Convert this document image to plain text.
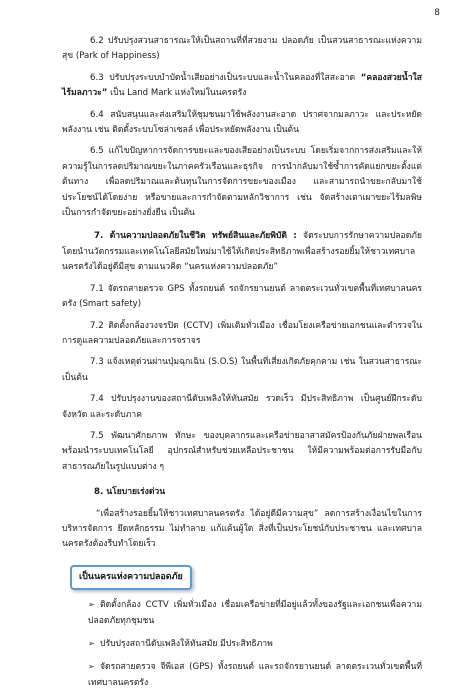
8

6.2 ปรับปรุงสวนสาธารณะให้เป็นสถานที่ที่สวยงาม ปลอดภัย เป็นสวนสาธารณะแห่งความสุข (Park of Happiness)

6.3 ปรับปรุงระบบบำบัดน้ำเสียอย่างเป็นระบบและน้ำในคลองที่ใสสะอาด “คลองสวยน้ำใส ไร้มลภาวะ” เป็น Land Mark แห่งใหม่ในนครตรัง

6.4 สนับสนุนและส่งเสริมให้ชุมชนมาใช้พลังงานสะอาด ปราศจากมลภาวะ และประหยัดพลังงาน เช่น ติดตั้งระบบโซล่าเซลล์ เพื่อประหยัดพลังงาน เป็นต้น

6.5 แก้ไขปัญหาการจัดการขยะและของเสียอย่างเป็นระบบ โดยเริ่มจากการส่งเสริมและให้ความรู้ในการลดปริมาณขยะในภาคครัวเรือนและธุรกิจ การนำกลับมาใช้ซ้ำการคัดแยกขยะตั้งแต่ต้นทาง เพื่อลดปริมาณและต้นทุนในการจัดการขยะของเมือง และสามารถนำขยะกลับมาใช้ประโยชน์ได้โดยง่าย หรือขายและการกำจัดตามหลักวิชาการ เช่น จัดสร้างเตาเผาขยะไร้มลพิษ เป็นการกำจัดขยะอย่างยั่งยืน เป็นต้น

7. ด้านความปลอดภัยในชีวิต ทรัพย์สินและภัยพิบัติ : จัดระบบการรักษาความปลอดภัยโดยนำนวัตกรรมและเทคโนโลยีสมัยใหม่มาใช้ให้เกิดประสิทธิภาพเพื่อสร้างรอยยิ้มให้ชาวเทศบาลนครตรังได้อยู่ดีมีสุข ตามแนวคิด “นครแห่งความปลอดภัย”

7.1 จัดรถสายตรวจ GPS ทั้งรถยนต์ รถจักรยานยนต์ ลาดตระเวนทั่วเขตพื้นที่เทศบาลนครตรัง (Smart safety)

7.2 ติดตั้งกล้องวงจรปิด (CCTV) เพิ่มเติมทั่วเมือง เชื่อมโยงเครือข่ายเอกชนและตำรวจในการดูแลความปลอดภัยและการจราจร

7.3 แจ้งเหตุด่วนผ่านปุ่มฉุกเฉิน (S.O.S) ในพื้นที่เสี่ยงเกิดภัยคุกคาม เช่น ในสวนสาธารณะ เป็นต้น

7.4 ปรับปรุงงานของสถานีดับเพลิงให้ทันสมัย รวดเร็ว มีประสิทธิภาพ เป็นศูนย์ฝึกระดับจังหวัด และระดับภาค

7.5 พัฒนาศักยภาพ ทักษะ ของบุคลากรและเครือข่ายอาสาสมัครป้องกันภัยฝ่ายพลเรือน พร้อมนำระบบเทคโนโลยี อุปกรณ์สำหรับช่วยเหลือประชาชน ให้มีความพร้อมต่อการรับมือกับสาธารณภัยในรูปแบบต่าง ๆ

8. นโยบายเร่งด่วน

“เพื่อสร้างรอยยิ้มให้ชาวเทศบาลนครตรัง ได้อยู่ดีมีความสุข” ลดการสร้างเงื่อนไขในการบริหารจัดการ ยึดหลักธรรม ไม่ทำลาย แก้แค้นผู้ใด สิ่งที่เป็นประโยชน์กับประชาชน และเทศบาลนครตรังต้องรีบทำโดยเร็ว

เป็นนครแห่งความปลอดภัย

➢ ติดตั้งกล้อง CCTV เพิ่มทั่วเมือง เชื่อมเครือข่ายที่มีอยู่แล้วทั้งของรัฐและเอกชนเพื่อความปลอดภัยทุกชุมชน

➢ ปรับปรุงสถานีดับเพลิงให้ทันสมัย มีประสิทธิภาพ

➢ จัดรถสายตรวจ จีพีเอส (GPS) ทั้งรถยนต์ และรถจักรยานยนต์ ลาดตระเวนทั่วเขตพื้นที่เทศบาลนครตรัง
